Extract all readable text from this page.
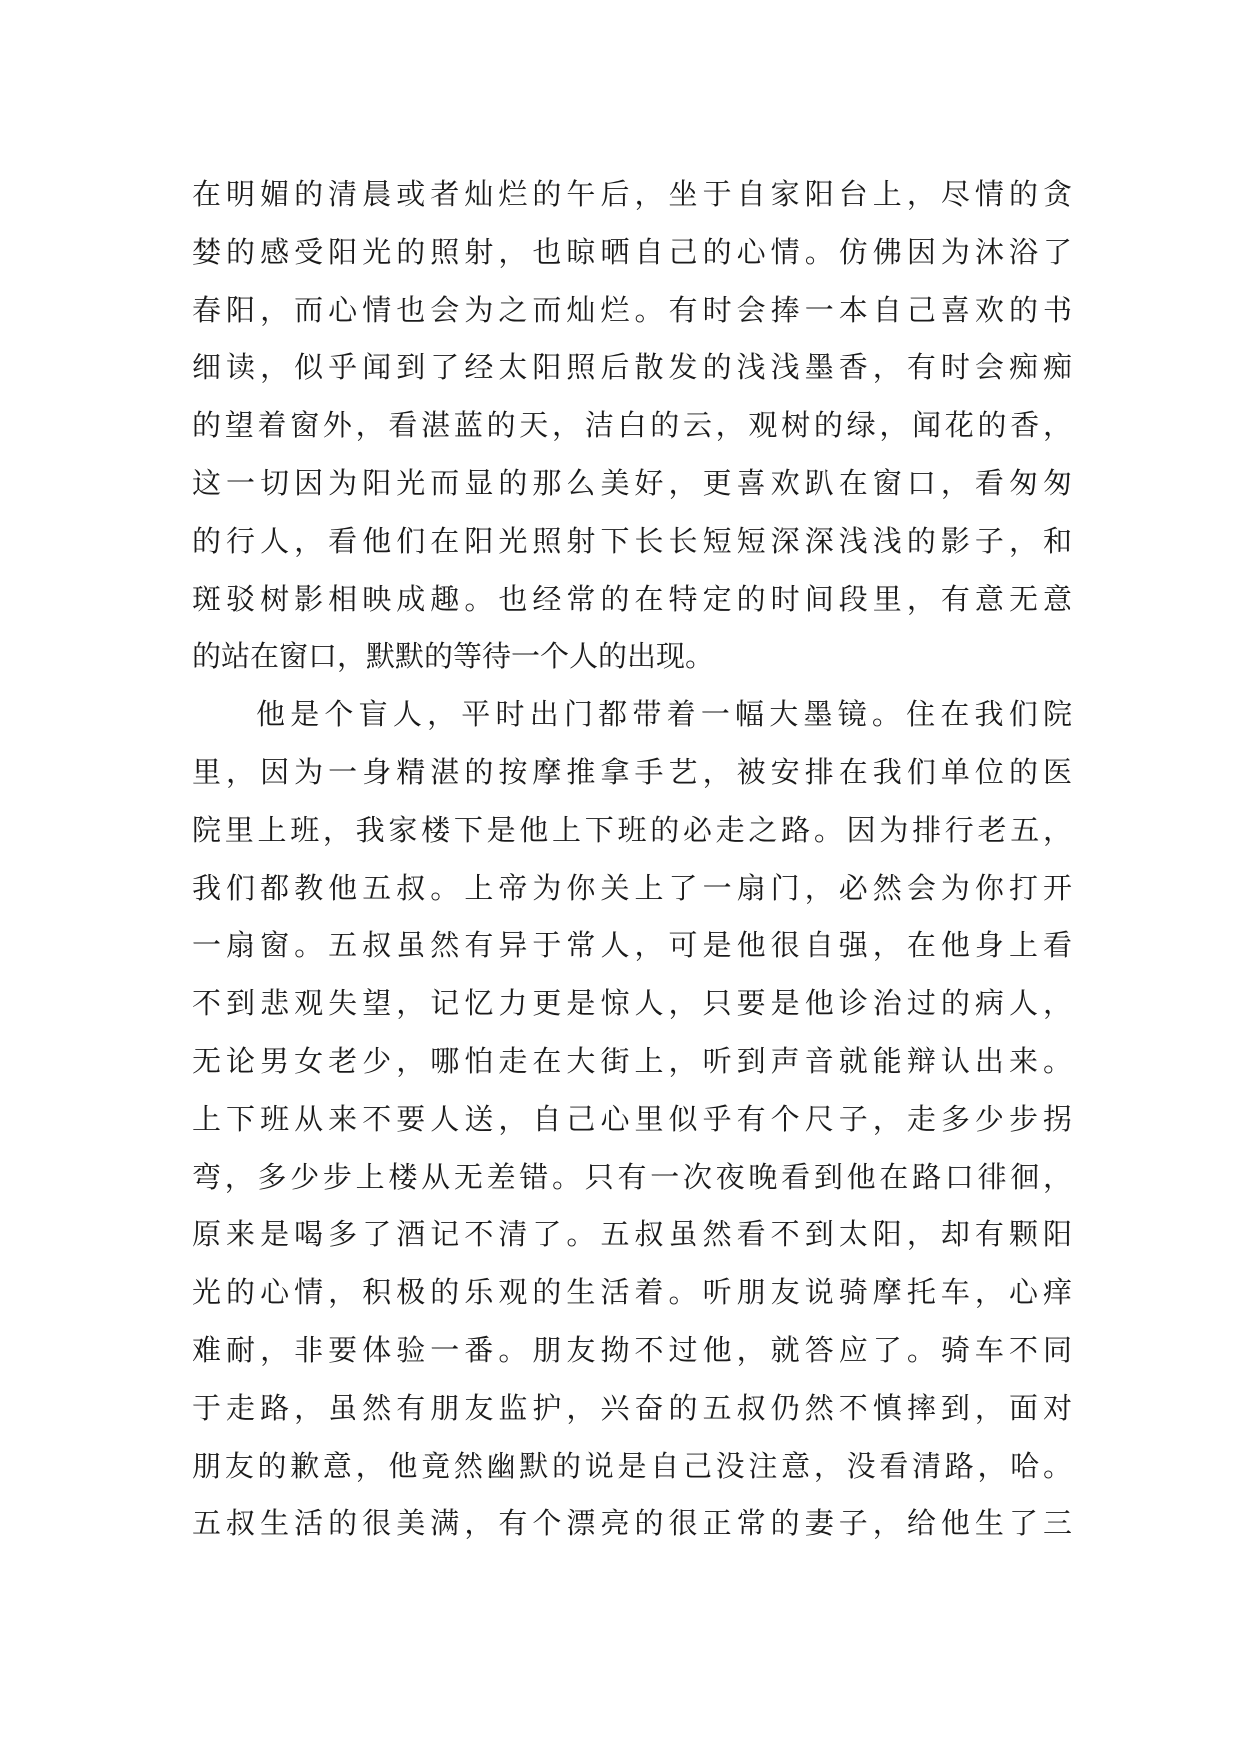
在明媚的清晨或者灿烂的午后，坐于自家阳台上，尽情的贪
婪的感受阳光的照射，也晾晒自己的心情。仿佛因为沐浴了
春阳，而心情也会为之而灿烂。有时会捧一本自己喜欢的书
细读，似乎闻到了经太阳照后散发的浅浅墨香，有时会痴痴
的望着窗外，看湛蓝的天，洁白的云，观树的绿，闻花的香，
这一切因为阳光而显的那么美好，更喜欢趴在窗口，看匆匆
的行人，看他们在阳光照射下长长短短深深浅浅的影子，和
斑驳树影相映成趣。也经常的在特定的时间段里，有意无意
的站在窗口，默默的等待一个人的出现。
他是个盲人，平时出门都带着一幅大墨镜。住在我们院
里，因为一身精湛的按摩推拿手艺，被安排在我们单位的医
院里上班，我家楼下是他上下班的必走之路。因为排行老五，
我们都教他五叔。上帝为你关上了一扇门，必然会为你打开
一扇窗。五叔虽然有异于常人，可是他很自强，在他身上看
不到悲观失望，记忆力更是惊人，只要是他诊治过的病人，
无论男女老少，哪怕走在大街上，听到声音就能辩认出来。
上下班从来不要人送，自己心里似乎有个尺子，走多少步拐
弯，多少步上楼从无差错。只有一次夜晚看到他在路口徘徊，
原来是喝多了酒记不清了。五叔虽然看不到太阳，却有颗阳
光的心情，积极的乐观的生活着。听朋友说骑摩托车，心痒
难耐，非要体验一番。朋友拗不过他，就答应了。骑车不同
于走路，虽然有朋友监护，兴奋的五叔仍然不慎摔到，面对
朋友的歉意，他竟然幽默的说是自己没注意，没看清路，哈。
五叔生活的很美满，有个漂亮的很正常的妻子，给他生了三
